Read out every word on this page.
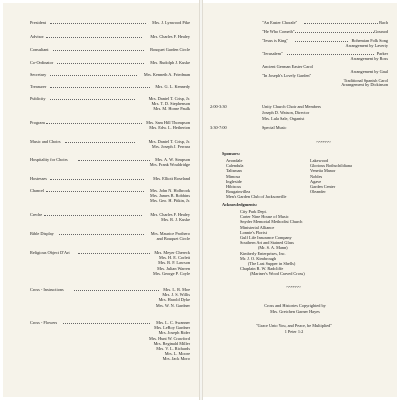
President	Mrs. J. Lynwood Pike
Advisor	Mrs. Charles F. Healey
Consultant	Bouquet Garden Circle
Co-Ordinator	Mrs. Rudolph J. Kuske
Secretary	Mrs. Kenneth A. Friedman
Treasurer	Mrs. G. L. Kennedy
Publicity	Mrs. Daniel T. Crisp, Jr.
Mrs. T. D. Stephenson
Mrs. M. Horne Paulk
Program	Mrs. Sam Hill Thompson
Mrs. Edw. L. Hetherton
Music and Choirs	Mrs. Daniel T. Crisp, Jr.
Mrs. Joseph J. Ferrara
Hospitality for Choirs	Mrs. A. W. Simpson
Mrs. Frank Wouldridge
Hostesses	Mrs. Elliott Roseland
Chancel	Mrs. John N. Holbrook
Mrs. James B. Robbins
Mrs. Geo. H. Pitkin, Jr.
Creche	Mrs. Charles F. Healey
Mrs. R. J. Kuske
Bible Display	Mrs. Maurice Prothero
and Bouquet Circle
Religious Object D'Art	Mrs. Meyer Chereck
Mrs. H. E. Corlett
Mrs. B. F. Lawson
Mrs. Julian Warren
Mrs. George P. Coyle
Cross - Instructions	Mrs. L. R. Moe
Mrs. J. S. Willis
Mrs. Harold Dyke
Mrs. W. N. Gardner
Cross - Flowers	Mrs. L. C. Swanner
Mrs. LeRoy Gardner
Mrs. Joseph Rider
Mrs. Hunt W. Crawford
Mrs. Reginald Miller
Mrs. V. L. Richards
Mrs. L. Moore
Mrs. Jack Moro
"An Easter Chorale"	Bach
"He Who Cometh"	Gounod
"Jesus is King"	Bohemian Folk Song
Arrangement by Laverty
"Jerusalem"	Parker
Arrangement by Ross
Ancient German Easter Carol
Arrangement by Gaul
"In Joseph's Lovely Garden"
Traditional Spanish Carol
Arrangement by Dickinson
2:00-3:30	Unity Church Choir and Members
Joseph D. Watson, Director
Mrs. Lula Sale, Organist
3:30-7:00	Special Music
~~~~~~
Sponsors:
Avondale
Calendula
Talisman
Mimosa
Ingleside
Hibiscus
Bougainvillea
Men's Garden Club of Jacksonville
Lakewood
Glorious Bothschildiana
Venetia Manor
Nobles
Agave
Garden Center
Oleander
Acknowledgments:
City Park Dept.
Carter Nine House of Music
Snyder Memorial Methodist Church
Ministerial Alliance
Lonnie's Florist
Gulf Life Insurance Company
Southern Art and Stained Glass
(Mr. S. A. Mann)
Kimberly Enterprises, Inc.
Mr. J. O. Kimbrough
(The Last Supper in Shells)
Chaplain R. W. Radcliffe
(Mariner's Wood Carved Cross)
~~~~~~
Cross and Histories Copyrighted by
Mrs. Gretchen Garner Hayes
"Grace Unto You, and Peace, be Multiplied"
1 Peter 1:2
